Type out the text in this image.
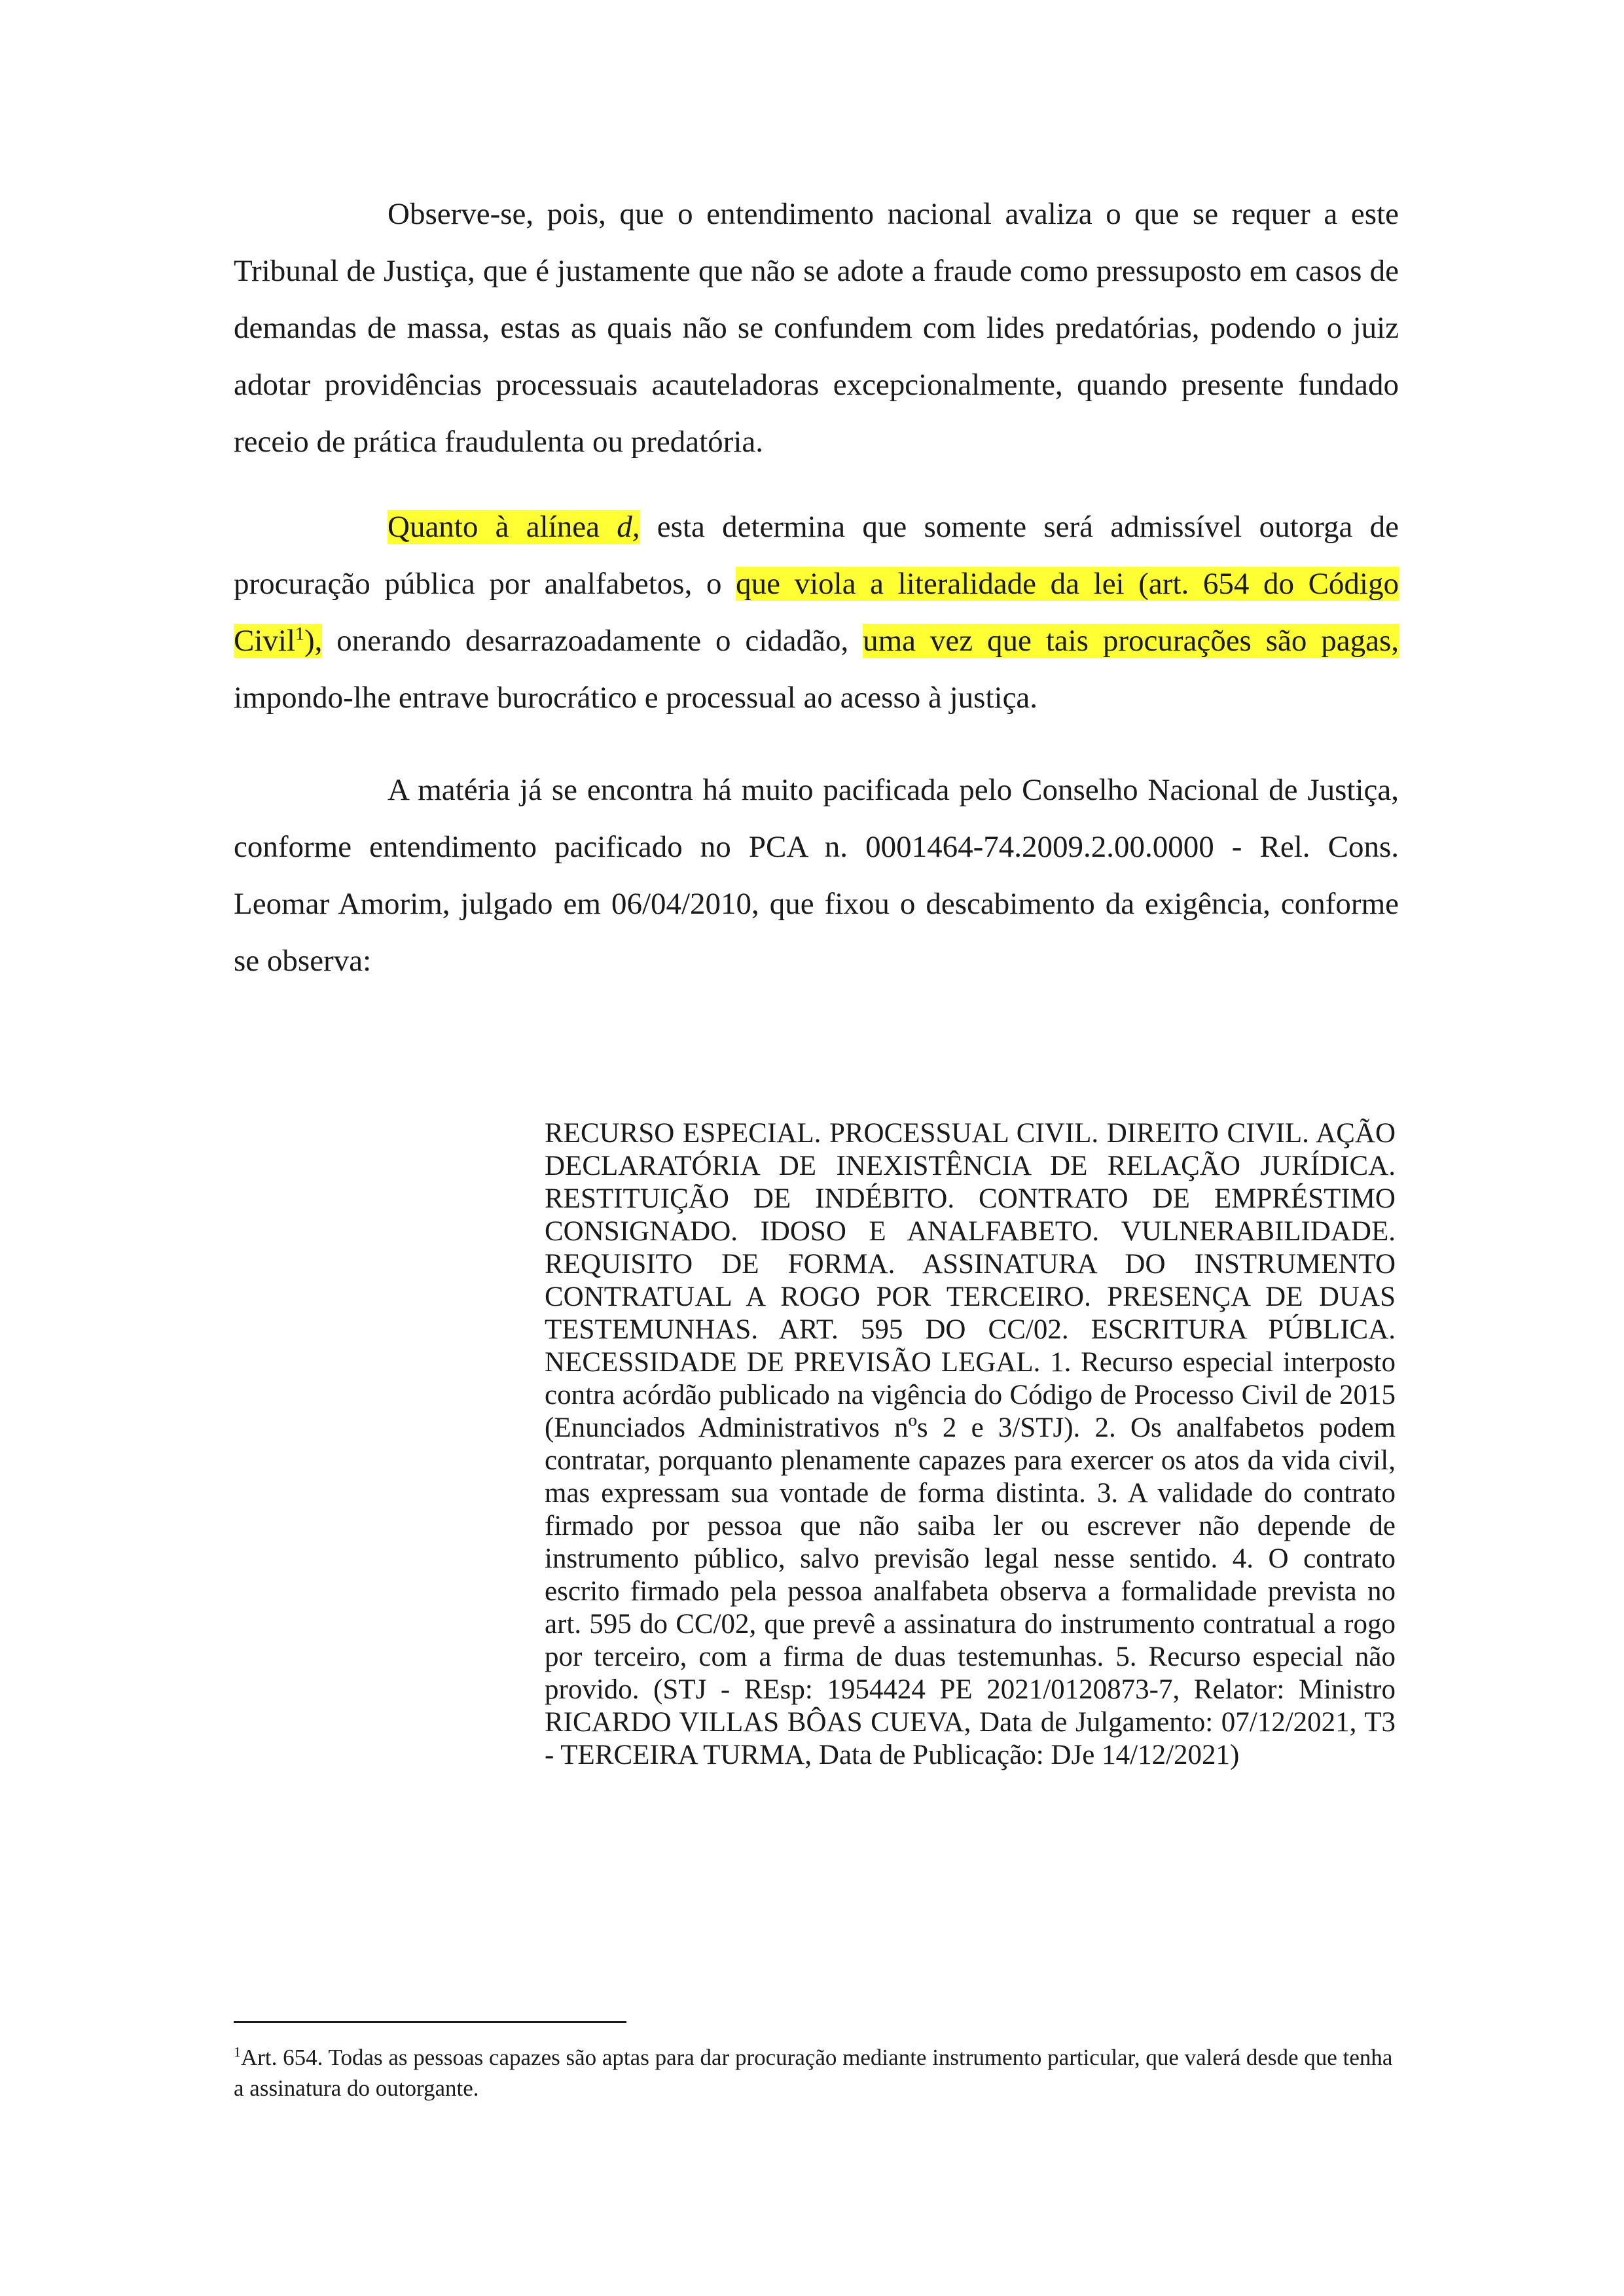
Observe-se, pois, que o entendimento nacional avaliza o que se requer a este Tribunal de Justiça, que é justamente que não se adote a fraude como pressuposto em casos de demandas de massa, estas as quais não se confundem com lides predatórias, podendo o juiz adotar providências processuais acauteladoras excepcionalmente, quando presente fundado receio de prática fraudulenta ou predatória.

Quanto à alínea d, esta determina que somente será admissível outorga de procuração pública por analfabetos, o que viola a literalidade da lei (art. 654 do Código Civil$^1$), onerando desarrazoadamente o cidadão, uma vez que tais procurações são pagas, impondo-lhe entrave burocrático e processual ao acesso à justiça.

A matéria já se encontra há muito pacificada pelo Conselho Nacional de Justiça, conforme entendimento pacificado no PCA n. 0001464-74.2009.2.00.0000 - Rel. Cons. Leomar Amorim, julgado em 06/04/2010, que fixou o descabimento da exigência, conforme se observa:

RECURSO ESPECIAL. PROCESSUAL CIVIL. DIREITO CIVIL. AÇÃO DECLARATÓRIA DE INEXISTÊNCIA DE RELAÇÃO JURÍDICA. RESTITUIÇÃO DE INDÉBITO. CONTRATO DE EMPRÉSTIMO CONSIGNADO. IDOSO E ANALFABETO. VULNERABILIDADE. REQUISITO DE FORMA. ASSINATURA DO INSTRUMENTO CONTRATUAL A ROGO POR TERCEIRO. PRESENÇA DE DUAS TESTEMUNHAS. ART. 595 DO CC/02. ESCRITURA PÚBLICA. NECESSIDADE DE PREVISÃO LEGAL. 1. Recurso especial interposto contra acórdão publicado na vigência do Código de Processo Civil de 2015 (Enunciados Administrativos nºs 2 e 3/STJ). 2. Os analfabetos podem contratar, porquanto plenamente capazes para exercer os atos da vida civil, mas expressam sua vontade de forma distinta. 3. A validade do contrato firmado por pessoa que não saiba ler ou escrever não depende de instrumento público, salvo previsão legal nesse sentido. 4. O contrato escrito firmado pela pessoa analfabeta observa a formalidade prevista no art. 595 do CC/02, que prevê a assinatura do instrumento contratual a rogo por terceiro, com a firma de duas testemunhas. 5. Recurso especial não provido. (STJ - REsp: 1954424 PE 2021/0120873-7, Relator: Ministro RICARDO VILLAS BÔAS CUEVA, Data de Julgamento: 07/12/2021, T3 - TERCEIRA TURMA, Data de Publicação: DJe 14/12/2021)

$^1$Art. 654. Todas as pessoas capazes são aptas para dar procuração mediante instrumento particular, que valerá desde que tenha a assinatura do outorgante.
